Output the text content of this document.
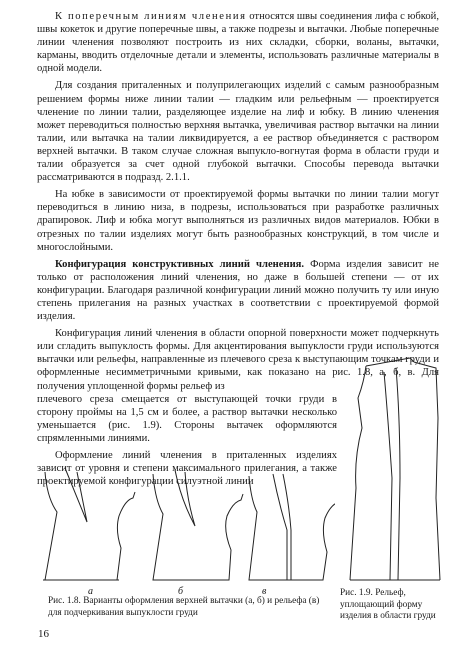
К поперечным линиям членения относятся швы соединения лифа с юбкой, швы кокеток и другие поперечные швы, а также подрезы и вытачки. Любые поперечные линии членения позволяют построить из них складки, сборки, воланы, вытачки, карманы, вводить отделочные детали и элементы, использовать различные материалы в одной модели.

Для создания приталенных и полуприлегающих изделий с самым разнообразным решением формы ниже линии талии — гладким или рельефным — проектируется членение по линии талии, разделяющее изделие на лиф и юбку. В линию членения может переводиться полностью верхняя вытачка, увеличивая раствор вытачки на линии талии, или вытачка на талии ликвидируется, а ее раствор объединяется с раствором верхней вытачки. В таком случае сложная выпукло-вогнутая форма в области груди и талии образуется за счет одной глубокой вытачки. Способы перевода вытачки рассматриваются в подразд. 2.1.1.

На юбке в зависимости от проектируемой формы вытачки по линии талии могут переводиться в линию низа, в подрезы, использоваться при разработке различных драпировок. Лиф и юбка могут выполняться из различных видов материалов. Юбки в отрезных по талии изделиях могут быть разнообразных конструкций, в том числе и многослойными.

Конфигурация конструктивных линий членения. Форма изделия зависит не только от расположения линий членения, но даже в большей степени — от их конфигурации. Благодаря различной конфигурации линий можно получить ту или иную степень прилегания на разных участках в соответствии с проектируемой формой изделия.

Конфигурация линий членения в области опорной поверхности может подчеркнуть или сгладить выпуклость формы. Для акцентирования выпуклости груди используются вытачки или рельефы, направленные из плечевого среза к выступающим точкам груди и оформленные несимметричными кривыми, как показано на рис. 1.8, а, б, в. Для получения уплощенной формы рельеф из

плечевого среза смещается от выступающей точки груди в сторону проймы на 1,5 см и более, а раствор вытачки несколько уменьшается (рис. 1.9). Стороны вытачек оформляются спрямленными линиями.

Оформление линий членения в приталенных изделиях зависит от уровня и степени максимального прилегания, а также проектируемой конфигурации силуэтной линии

а	б	в
Рис. 1.8. Варианты оформления верхней вытачки (а, б) и рельефа (в) для подчеркивания выпуклости груди
Рис. 1.9. Рельеф, уплощающий форму изделия в области груди
16
